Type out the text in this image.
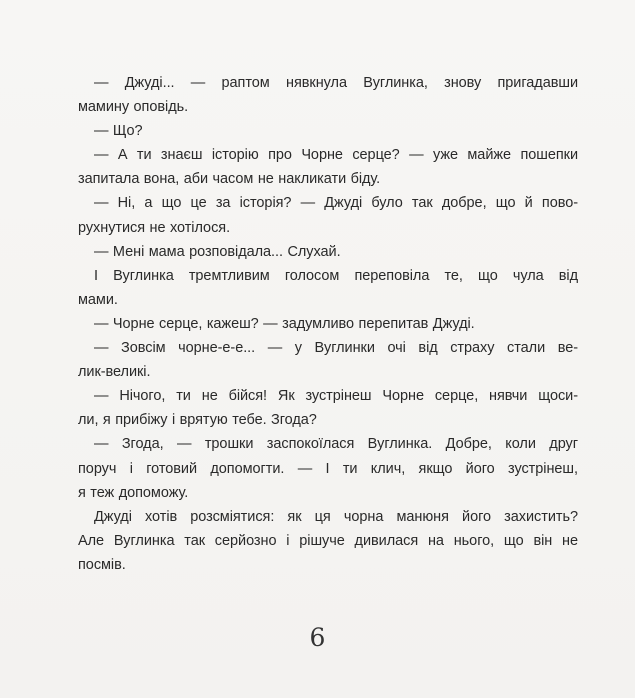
— Джуді... — раптом нявкнула Вуглинка, знову пригадавши
мамину оповідь.
— Що?
— А ти знаєш історію про Чорне серце? — уже майже пошепки
запитала вона, аби часом не накликати біду.
— Ні, а що це за історія? — Джуді було так добре, що й пово-
рухнутися не хотілося.
— Мені мама розповідала... Слухай.
І Вуглинка тремтливим голосом переповіла те, що чула від
мами.
— Чорне серце, кажеш? — задумливо перепитав Джуді.
— Зовсім чорне-е-е... — у Вуглинки очі від страху стали ве-
лик-великі.
— Нічого, ти не бійся! Як зустрінеш Чорне серце, нявчи щоси-
ли, я прибіжу і врятую тебе. Згода?
— Згода, — трошки заспокоїлася Вуглинка. Добре, коли друг
поруч і готовий допомогти. — І ти клич, якщо його зустрінеш,
я теж допоможу.
Джуді хотів розсміятися: як ця чорна манюня його захистить?
Але Вуглинка так серйозно і рішуче дивилася на нього, що він не
посмів.
6
